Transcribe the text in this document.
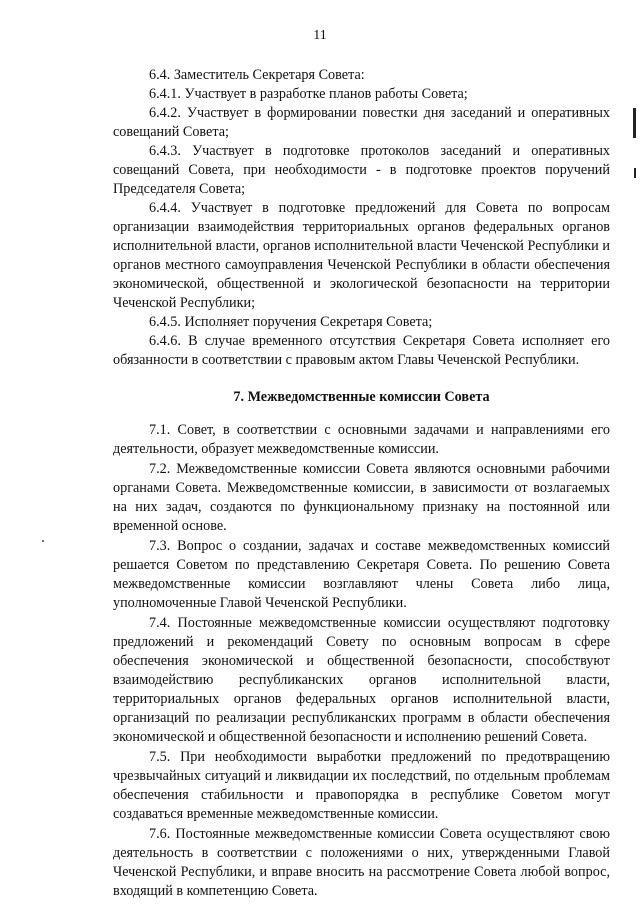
11

6.4. Заместитель Секретаря Совета:

6.4.1. Участвует в разработке планов работы Совета;

6.4.2. Участвует в формировании повестки дня заседаний и оперативных совещаний Совета;

6.4.3. Участвует в подготовке протоколов заседаний и оперативных совещаний Совета, при необходимости - в подготовке проектов поручений Председателя Совета;

6.4.4. Участвует в подготовке предложений для Совета по вопросам организации взаимодействия территориальных органов федеральных органов исполнительной власти, органов исполнительной власти Чеченской Республики и органов местного самоуправления Чеченской Республики в области обеспечения экономической, общественной и экологической безопасности на территории Чеченской Республики;

6.4.5. Исполняет поручения Секретаря Совета;

6.4.6. В случае временного отсутствия Секретаря Совета исполняет его обязанности в соответствии с правовым актом Главы Чеченской Республики.

7. Межведомственные комиссии Совета

7.1. Совет, в соответствии с основными задачами и направлениями его деятельности, образует межведомственные комиссии.

7.2. Межведомственные комиссии Совета являются основными рабочими органами Совета. Межведомственные комиссии, в зависимости от возлагаемых на них задач, создаются по функциональному признаку на постоянной или временной основе.

7.3. Вопрос о создании, задачах и составе межведомственных комиссий решается Советом по представлению Секретаря Совета. По решению Совета межведомственные комиссии возглавляют члены Совета либо лица, уполномоченные Главой Чеченской Республики.

7.4. Постоянные межведомственные комиссии осуществляют подготовку предложений и рекомендаций Совету по основным вопросам в сфере обеспечения экономической и общественной безопасности, способствуют взаимодействию республиканских органов исполнительной власти, территориальных органов федеральных органов исполнительной власти, организаций по реализации республиканских программ в области обеспечения экономической и общественной безопасности и исполнению решений Совета.

7.5. При необходимости выработки предложений по предотвращению чрезвычайных ситуаций и ликвидации их последствий, по отдельным проблемам обеспечения стабильности и правопорядка в республике Советом могут создаваться временные межведомственные комиссии.

7.6. Постоянные межведомственные комиссии Совета осуществляют свою деятельность в соответствии с положениями о них, утвержденными Главой Чеченской Республики, и вправе вносить на рассмотрение Совета любой вопрос, входящий в компетенцию Совета.
